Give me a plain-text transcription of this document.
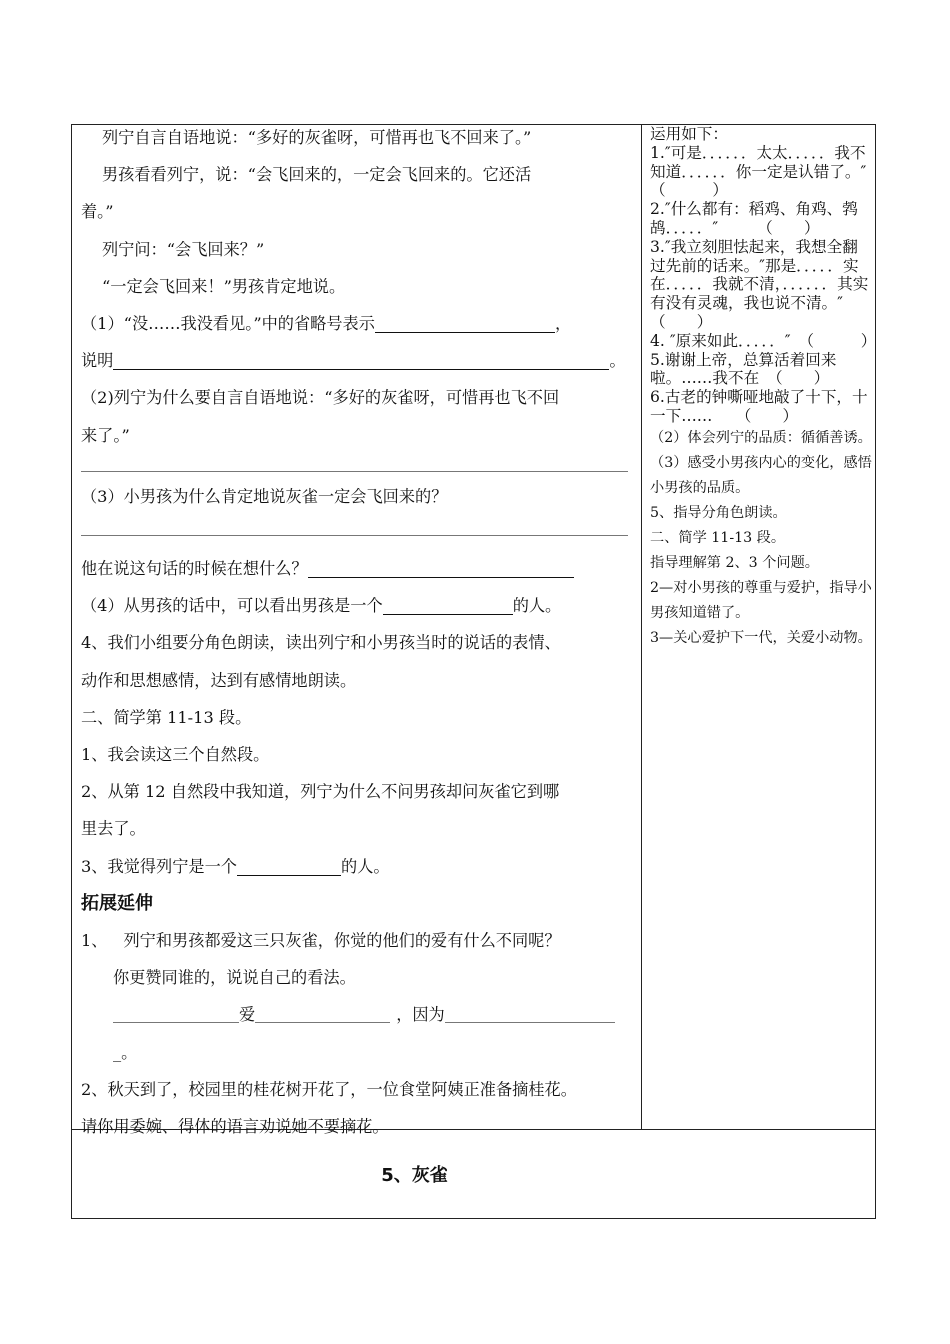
列宁自言自语地说：“多好的灰雀呀，可惜再也飞不回来了。”

男孩看看列宁，说：“会飞回来的，一定会飞回来的。它还活

着。”

列宁问：“会飞回来？”

“一定会飞回来！”男孩肯定地说。

（1）“没……我没看见。”中的省略号表示	，

说明	。

（2)列宁为什么要自言自语地说：“多好的灰雀呀，可惜再也飞不回

来了。”

（3）小男孩为什么肯定地说灰雀一定会飞回来的？

他在说这句话的时候在想什么？

（4）从男孩的话中，可以看出男孩是一个	的人。

4、我们小组要分角色朗读，读出列宁和小男孩当时的说话的表情、

动作和思想感情，达到有感情地朗读。

二、简学第 11-13 段。

1、我会读这三个自然段。

2、从第 12 自然段中我知道，列宁为什么不问男孩却问灰雀它到哪

里去了。

3、我觉得列宁是一个	的人。

拓展延伸

1、 列宁和男孩都爱这三只灰雀，你觉的他们的爱有什么不同呢？

你更赞同谁的，说说自己的看法。

爱	，因为

_。

2、秋天到了，校园里的桂花树开花了，一位食堂阿姨正准备摘桂花。

请你用委婉、得体的语言劝说她不要摘花。

运用如下：

1.″可是．．．．．．太太．．．．．我不知道．．．．．．你一定是认错了。″（　　　）

2.″什么都有：稻鸡、角鸡、鹁鸪．．．．．″　　　（　　）

3.″我立刻胆怯起来，我想全翻过先前的话来。″那是．．．．．实在．．．．．我就不清，．．．．．．其实有没有灵魂，我也说不清。″（　　）

4. ″原来如此．．．．．″　（　　　）

5.谢谢上帝，总算活着回来啦。……我不在　（　　）

6.古老的钟嘶哑地敲了十下，十一下……　　（　　）

（2）体会列宁的品质：循循善诱。

（3）感受小男孩内心的变化，感悟小男孩的品质。

5、指导分角色朗读。

二、简学 11-13 段。

指导理解第 2、3 个问题。

2—对小男孩的尊重与爱护，指导小男孩知道错了。

3—关心爱护下一代，关爱小动物。

5、灰雀
